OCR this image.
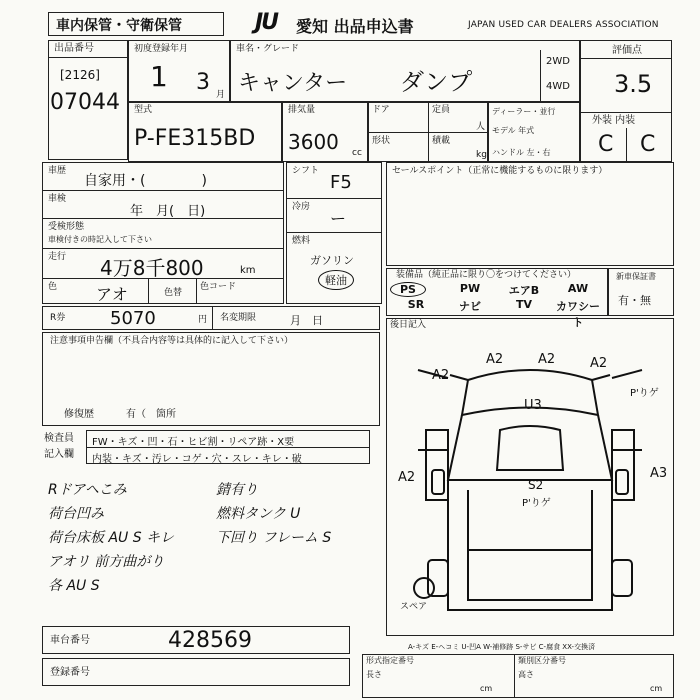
車内保管・守衛保管	JU 愛知 出品申込書	JAPAN USED CAR DEALERS ASSOCIATION
出品番号
[2126]
07044
初度登録年月
1 3 月
車名・グレード
キャンター ダンプ
2WD
4WD
評価点
3.5
外装 内装
C C
型式
P-FE315BD
排気量
3600 cc
ドア	定員
人
形状	積載
kg
ディーラー・並行
モデル 年式
ハンドル 左・右
車歴
自家用・(　　　　)
車検
年　月(　日)
受検形態
車検付きの時記入して下さい
走行 4万8千800	km
色 アオ	色替
色コード
シフト
F5
冷房
ー
燃料
ガソリン
軽油
セールスポイント（正常に機能するものに限ります）
装備品（純正品に限り〇をつけてください）
PS	PW	エアB	AW
SR	ナビ	TV	カワシート
新車保証書
有・無
R券 5070	円 名変期限	月　日
注意事項申告欄（不具合内容等は具体的に記入して下さい）
修復歴	有（　箇所
検査員
記入欄
FW・キズ・凹・石・ヒビ割・リペア跡・X要
内装・キズ・汚レ・コゲ・穴・スレ・キレ・破
Rドアヘこみ
荷台凹み
荷台床板 AU S キレ
アオリ 前方曲がり
各 AU S
錆有り
燃料タンク U
下回り フレーム S
後日記入
A2
A2	A2	A2
U3
S2
P'りゲ
P'りゲ
A2	A3
スペア
A-キズ E-ヘコミ U-凹A W-補修跡 S-サビ C-腐食 XX-交換済
車台番号	428569
登録番号
形式指定番号
長さ
cm
類別区分番号
高さ
cm
